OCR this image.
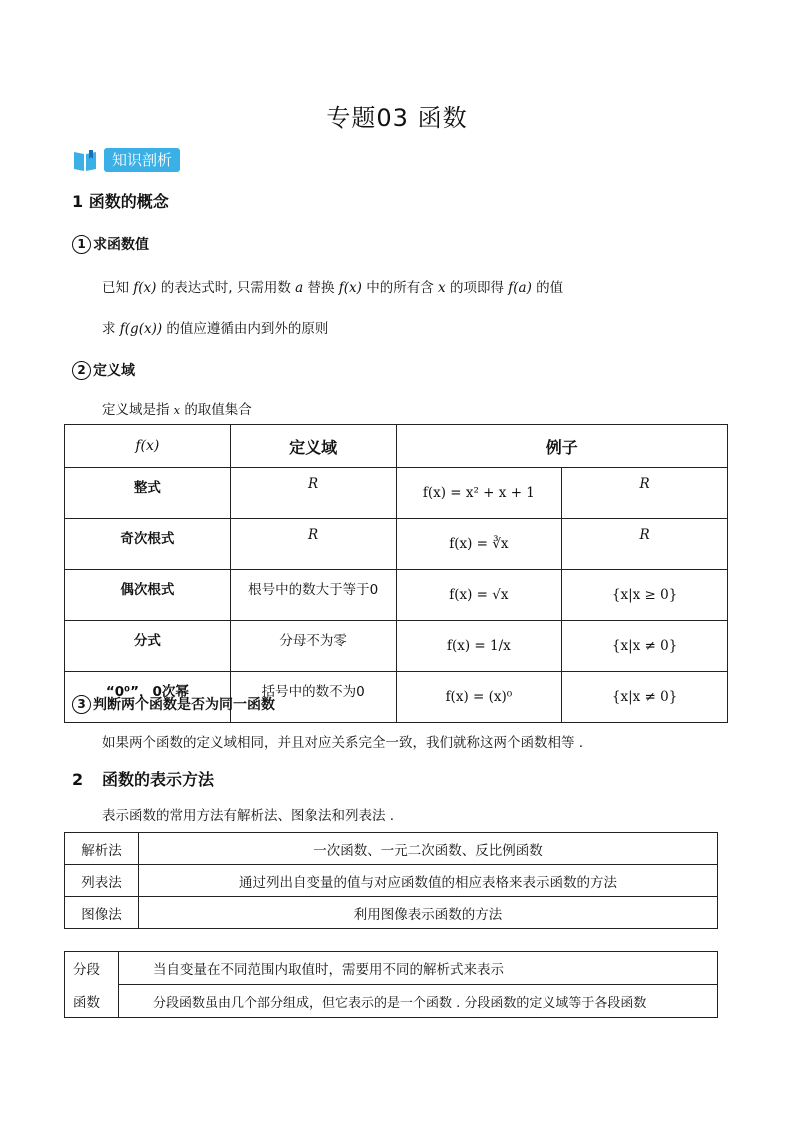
专题03 函数
知识剖析
1 函数的概念
1 求函数值
已知 f(x) 的表达式时, 只需用数 a 替换 f(x) 中的所有含 x 的项即得 f(a) 的值
求 f(g(x)) 的值应遵循由内到外的原则
2 定义域
定义域是指 x 的取值集合
f(x)	定义域	例子	
整式	R	f(x) = x² + x + 1	R
奇次根式	R	f(x) = ∛x	R
偶次根式	根号中的数大于等于0	f(x) = √x	{x|x ≥ 0}
分式	分母不为零	f(x) = 1/x	{x|x ≠ 0}
“0⁰”，0次幂	括号中的数不为0	f(x) = (x)⁰	{x|x ≠ 0}
3 判断两个函数是否为同一函数
如果两个函数的定义域相同，并且对应关系完全一致，我们就称这两个函数相等 .
2 函数的表示方法
表示函数的常用方法有解析法、图象法和列表法 .
解析法	一次函数、一元二次函数、反比例函数
列表法	通过列出自变量的值与对应函数值的相应表格来表示函数的方法
图像法	利用图像表示函数的方法
分段	当自变量在不同范围内取值时，需要用不同的解析式来表示
函数	分段函数虽由几个部分组成，但它表示的是一个函数 . 分段函数的定义域等于各段函数
